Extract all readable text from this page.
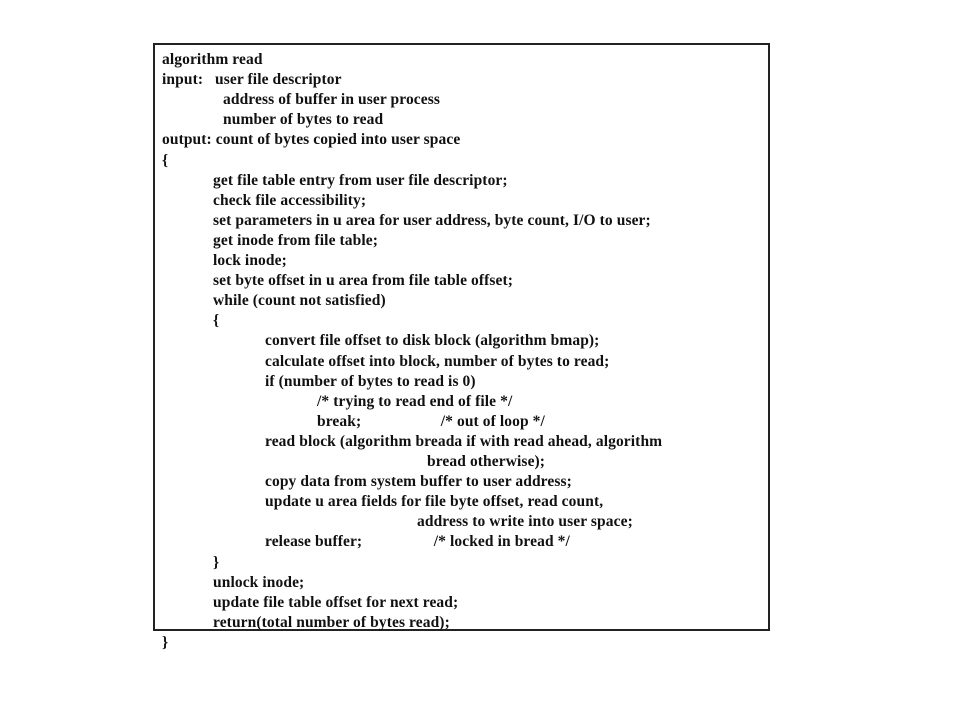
algorithm read
input:   user file descriptor
address of buffer in user process
number of bytes to read
output: count of bytes copied into user space
{
get file table entry from user file descriptor;
check file accessibility;
set parameters in u area for user address, byte count, I/O to user;
get inode from file table;
lock inode;
set byte offset in u area from file table offset;
while (count not satisfied)
{
convert file offset to disk block (algorithm bmap);
calculate offset into block, number of bytes to read;
if (number of bytes to read is 0)
/* trying to read end of file */
break;                    /* out of loop */
read block (algorithm breada if with read ahead, algorithm
bread otherwise);
copy data from system buffer to user address;
update u area fields for file byte offset, read count,
address to write into user space;
release buffer;                  /* locked in bread */
}
unlock inode;
update file table offset for next read;
return(total number of bytes read);
}
